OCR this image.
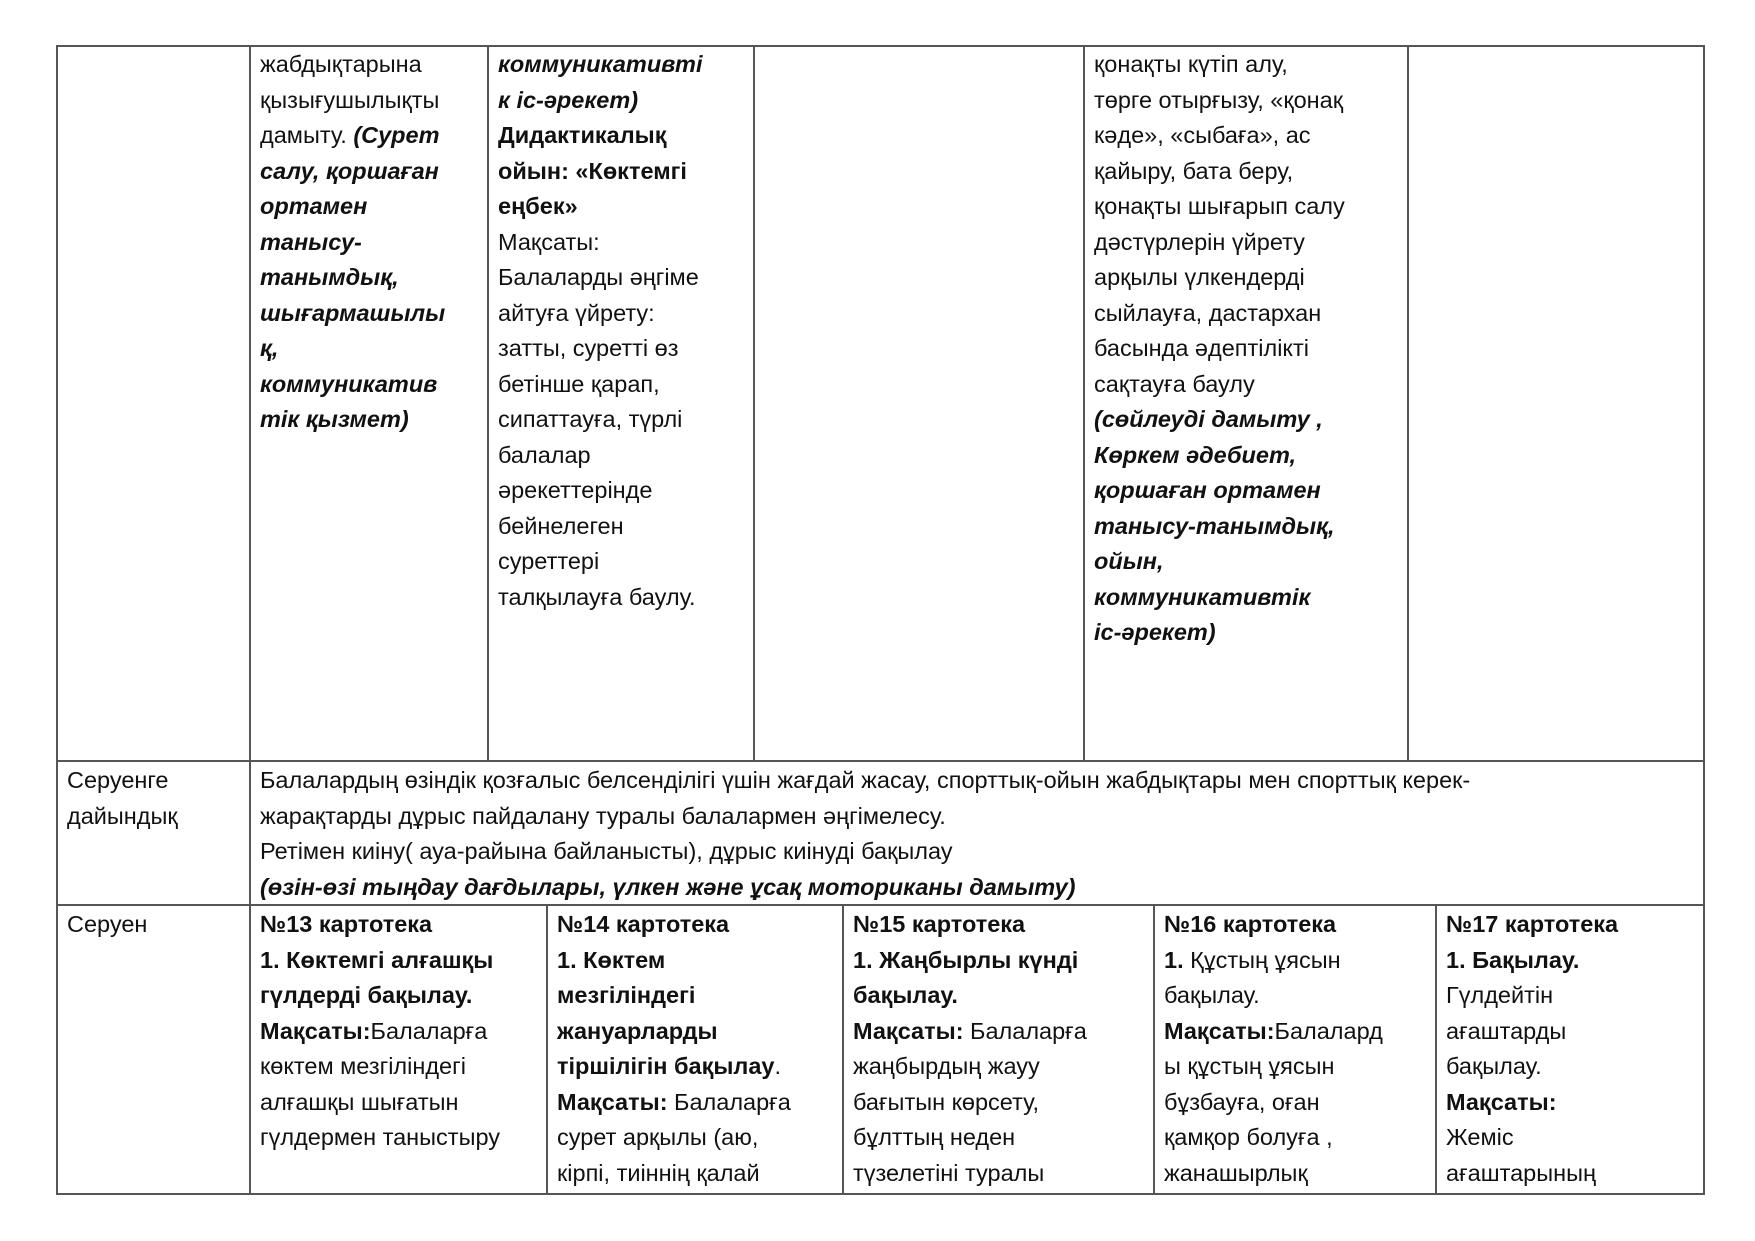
жабдықтарына
қызығушылықты
дамыту. (Сурет
салу, қоршаған
ортамен
танысу-
танымдық,
шығармашылы
қ,
коммуникатив
тік қызмет)
коммуникативті
к іс-әрекет)
Дидактикалық
ойын: «Көктемгі
еңбек»
Мақсаты:
Балаларды әңгіме
айтуға үйрету:
затты, суретті өз
бетінше қарап,
сипаттауға, түрлі
балалар
әрекеттерінде
бейнелеген
суреттері
талқылауға баулу.
қонақты күтіп алу,
төрге отырғызу, «қонақ
кәде», «сыбаға», ас
қайыру, бата беру,
қонақты шығарып салу
дәстүрлерін үйрету
арқылы үлкендерді
сыйлауға, дастархан
басында әдептілікті
сақтауға баулу
(сөйлеуді дамыту ,
Көркем әдебиет,
қоршаған ортамен
танысу-танымдық,
ойын,
коммуникативтік
іс-әрекет)
Серуенге
дайындық
Балалардың өзіндік қозғалыс белсенділігі үшін жағдай жасау, спорттық-ойын жабдықтары мен спорттық керек-
жарақтарды дұрыс пайдалану туралы балалармен әңгімелесу.
Ретімен киіну( ауа-райына байланысты), дұрыс киінуді бақылау
(өзін-өзі тыңдау дағдылары, үлкен және ұсақ моториканы дамыту)
Серуен	№13 картотека
1. Көктемгі алғашқы
гүлдерді бақылау.
Мақсаты:Балаларға
көктем мезгіліндегі
алғашқы шығатын
гүлдермен таныстыру
№14 картотека
1. Көктем
мезгіліндегі
жануарларды
тіршілігін бақылау.
Мақсаты: Балаларға
сурет арқылы (аю,
кірпі, тиіннің қалай
№15 картотека
1. Жаңбырлы күнді
бақылау.
Мақсаты: Балаларға
жаңбырдың жауу
бағытын көрсету,
бұлттың неден
түзелетіні туралы
№16 картотека
1. Құстың ұясын
бақылау.
Мақсаты:Балалард
ы құстың ұясын
бұзбауға, оған
қамқор болуға ,
жанашырлық
№17 картотека
1. Бақылау.
Гүлдейтін
ағаштарды
бақылау.
Мақсаты:
Жеміс
ағаштарының
